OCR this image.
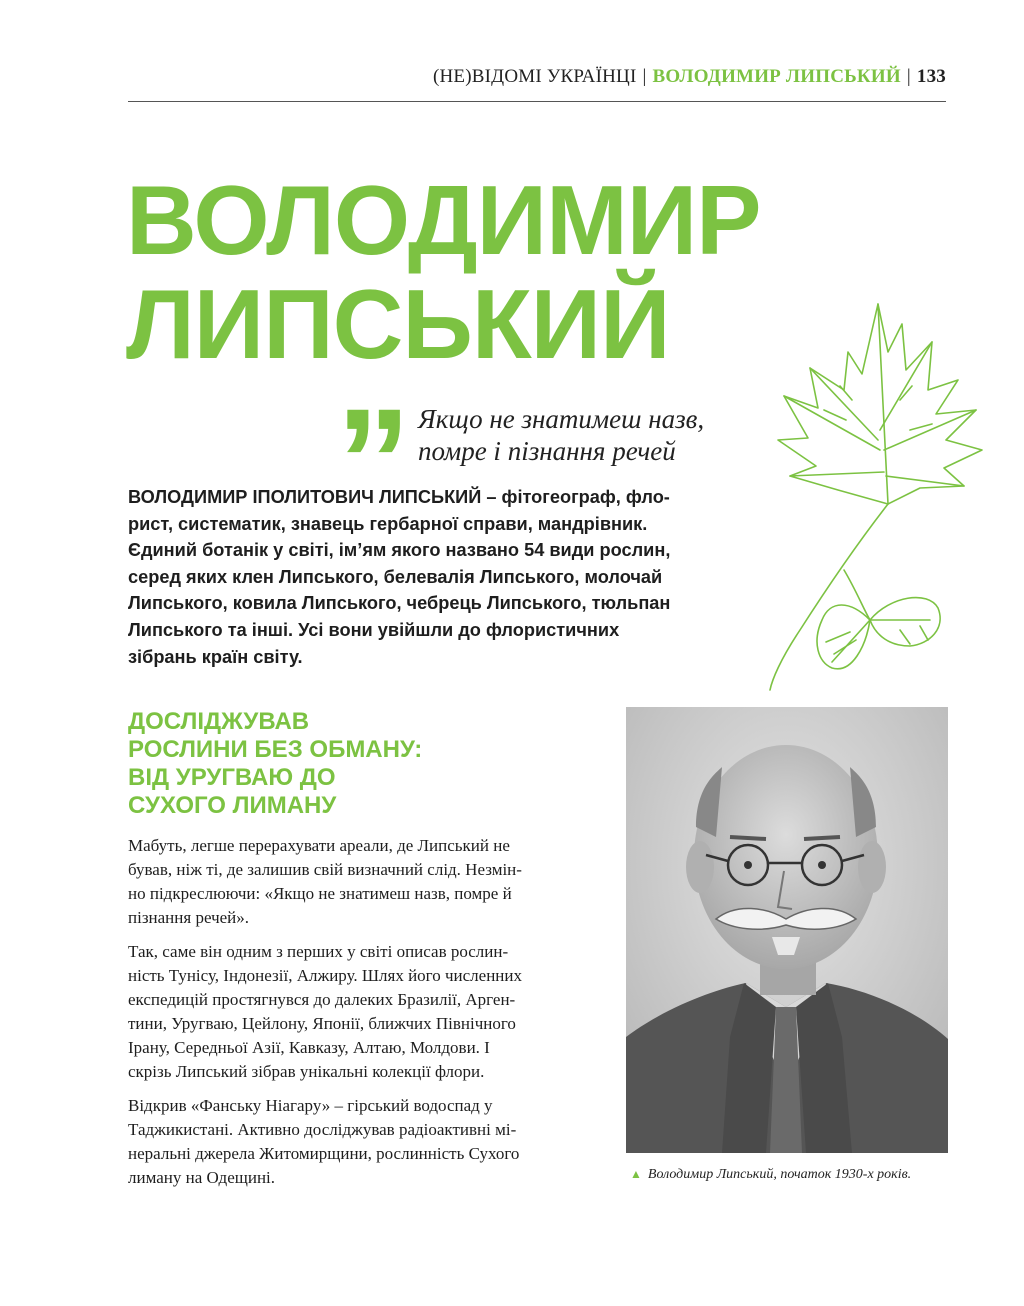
(НЕ)ВІДОМІ УКРАЇНЦІ | ВОЛОДИМИР ЛИПСЬКИЙ | 133
ВОЛОДИМИР
ЛИПСЬКИЙ
” Якщо не знатимеш назв,
помре і пізнання речей

ВОЛОДИМИР ІПОЛИТОВИЧ ЛИПСЬКИЙ – фітогеограф, фло-
рист, систематик, знавець гербарної справи, мандрівник.
Єдиний ботанік у світі, ім’ям якого названо 54 види рослин,
серед яких клен Липського, белевалія Липського, молочай
Липського, ковила Липського, чебрець Липського, тюльпан
Липського та інші. Усі вони увійшли до флористичних
зібрань країн світу.

ДОСЛІДЖУВАВ
РОСЛИНИ БЕЗ ОБМАНУ:
ВІД УРУГВАЮ ДО
СУХОГО ЛИМАНУ

Мабуть, легше перерахувати ареали, де Липський не
бував, ніж ті, де залишив свій визначний слід. Незмін-
но підкреслюючи: «Якщо не знатимеш назв, помре й
пізнання речей».

Так, саме він одним з перших у світі описав рослин-
ність Тунісу, Індонезії, Алжиру. Шлях його численних
експедицій простягнувся до далеких Бразилії, Арген-
тини, Уругваю, Цейлону, Японії, ближчих Північного
Ірану, Середньої Азії, Кавказу, Алтаю, Молдови. І
скрізь Липський зібрав унікальні колекції флори.

Відкрив «Фанську Ніагару» – гірський водоспад у
Таджикистані. Активно досліджував радіоактивні мі-
неральні джерела Житомирщини, рослинність Сухого
лиману на Одещині.	▲ Володимир Липський, початок 1930-х років.
